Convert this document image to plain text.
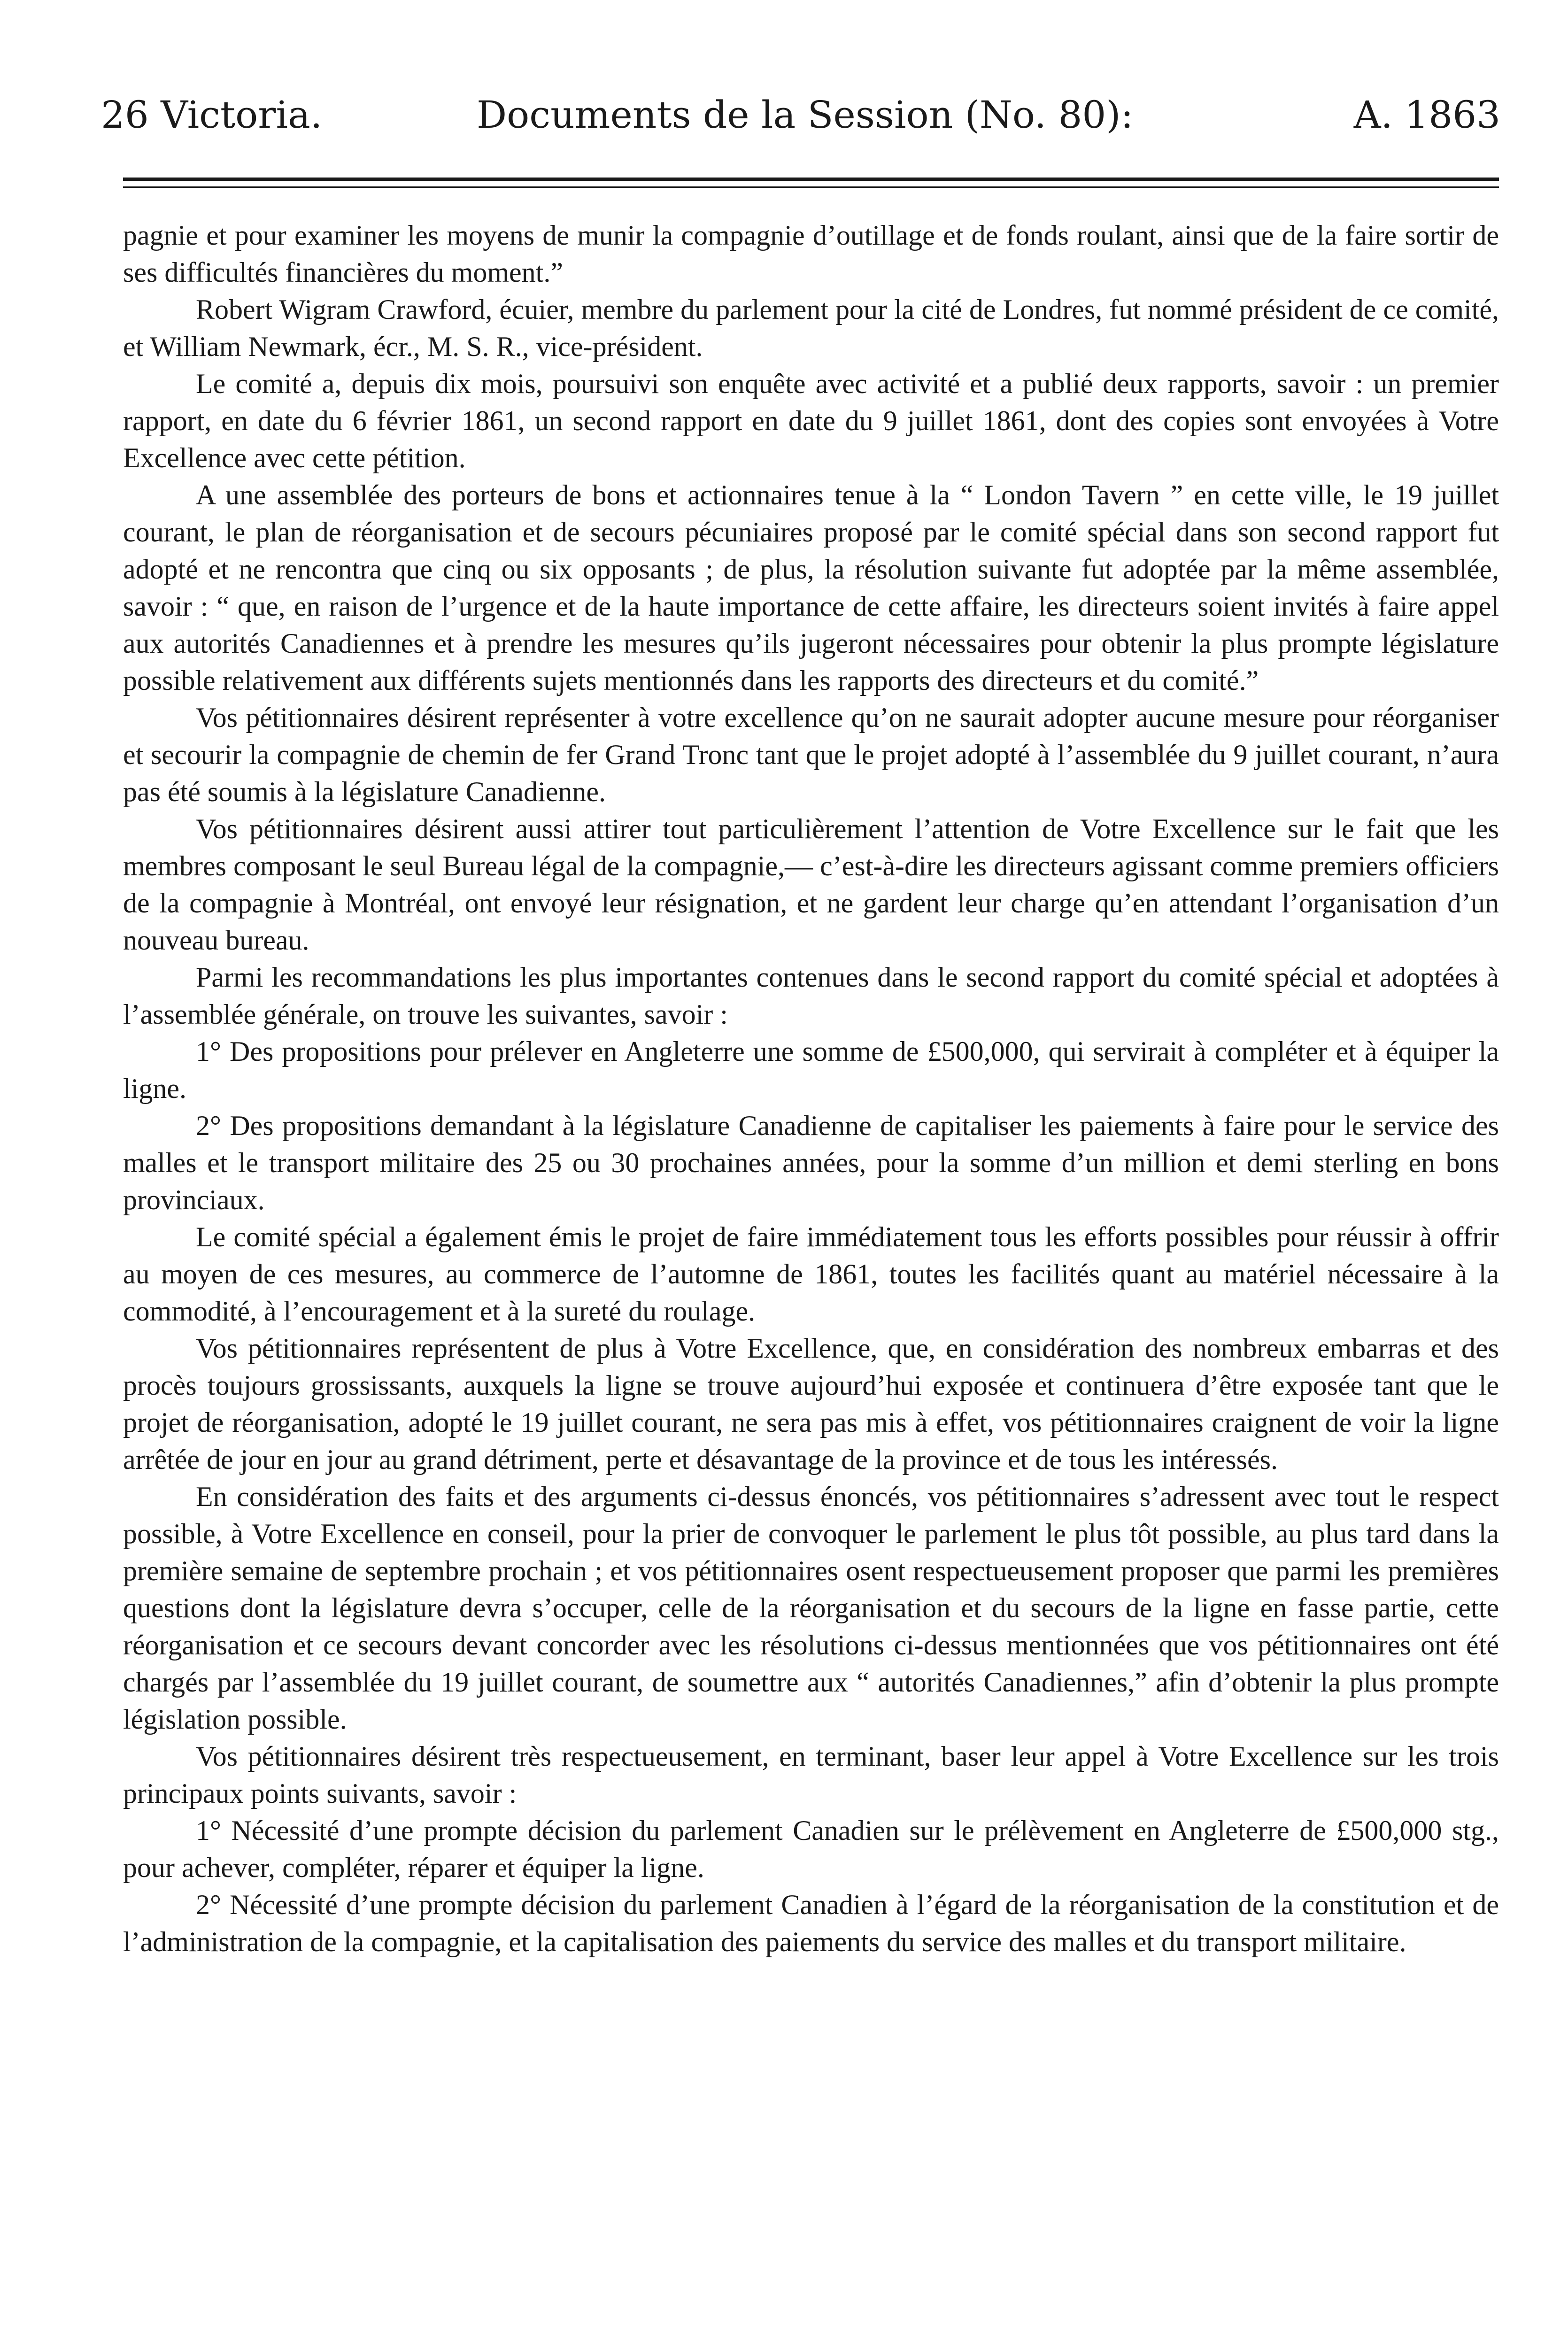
26 Victoria.	Documents de la Session (No. 80):	A. 1863

pagnie et pour examiner les moyens de munir la compagnie d’outillage et de fonds roulant, ainsi que de la faire sortir de ses difficultés financières du moment.”

Robert Wigram Crawford, écuier, membre du parlement pour la cité de Londres, fut nommé président de ce comité, et William Newmark, écr., M. S. R., vice-président.

Le comité a, depuis dix mois, poursuivi son enquête avec activité et a publié deux rapports, savoir : un premier rapport, en date du 6 février 1861, un second rapport en date du 9 juillet 1861, dont des copies sont envoyées à Votre Excellence avec cette pétition.

A une assemblée des porteurs de bons et actionnaires tenue à la “ London Tavern ” en cette ville, le 19 juillet courant, le plan de réorganisation et de secours pécuniaires proposé par le comité spécial dans son second rapport fut adopté et ne rencontra que cinq ou six opposants ; de plus, la résolution suivante fut adoptée par la même assemblée, savoir : “ que, en raison de l’urgence et de la haute importance de cette affaire, les directeurs soient invités à faire appel aux autorités Canadiennes et à prendre les mesures qu’ils jugeront nécessaires pour obtenir la plus prompte législature possible relativement aux différents sujets mentionnés dans les rapports des directeurs et du comité.”

Vos pétitionnaires désirent représenter à votre excellence qu’on ne saurait adopter aucune mesure pour réorganiser et secourir la compagnie de chemin de fer Grand Tronc tant que le projet adopté à l’assemblée du 9 juillet courant, n’aura pas été soumis à la législature Canadienne.

Vos pétitionnaires désirent aussi attirer tout particulièrement l’attention de Votre Excellence sur le fait que les membres composant le seul Bureau légal de la compagnie,— c’est-à-dire les directeurs agissant comme premiers officiers de la compagnie à Montréal, ont envoyé leur résignation, et ne gardent leur charge qu’en attendant l’organisation d’un nouveau bureau.

Parmi les recommandations les plus importantes contenues dans le second rapport du comité spécial et adoptées à l’assemblée générale, on trouve les suivantes, savoir :

1° Des propositions pour prélever en Angleterre une somme de £500,000, qui servirait à compléter et à équiper la ligne.

2° Des propositions demandant à la législature Canadienne de capitaliser les paiements à faire pour le service des malles et le transport militaire des 25 ou 30 prochaines années, pour la somme d’un million et demi sterling en bons provinciaux.

Le comité spécial a également émis le projet de faire immédiatement tous les efforts possibles pour réussir à offrir au moyen de ces mesures, au commerce de l’automne de 1861, toutes les facilités quant au matériel nécessaire à la commodité, à l’encouragement et à la sureté du roulage.

Vos pétitionnaires représentent de plus à Votre Excellence, que, en considération des nombreux embarras et des procès toujours grossissants, auxquels la ligne se trouve aujourd’hui exposée et continuera d’être exposée tant que le projet de réorganisation, adopté le 19 juillet courant, ne sera pas mis à effet, vos pétitionnaires craignent de voir la ligne arrêtée de jour en jour au grand détriment, perte et désavantage de la province et de tous les intéressés.

En considération des faits et des arguments ci-dessus énoncés, vos pétitionnaires s’adressent avec tout le respect possible, à Votre Excellence en conseil, pour la prier de convoquer le parlement le plus tôt possible, au plus tard dans la première semaine de septembre prochain ; et vos pétitionnaires osent respectueusement proposer que parmi les premières questions dont la législature devra s’occuper, celle de la réorganisation et du secours de la ligne en fasse partie, cette réorganisation et ce secours devant concorder avec les résolutions ci-dessus mentionnées que vos pétitionnaires ont été chargés par l’assemblée du 19 juillet courant, de soumettre aux “ autorités Canadiennes,” afin d’obtenir la plus prompte législation possible.

Vos pétitionnaires désirent très respectueusement, en terminant, baser leur appel à Votre Excellence sur les trois principaux points suivants, savoir :

1° Nécessité d’une prompte décision du parlement Canadien sur le prélèvement en Angleterre de £500,000 stg., pour achever, compléter, réparer et équiper la ligne.

2° Nécessité d’une prompte décision du parlement Canadien à l’égard de la réorganisation de la constitution et de l’administration de la compagnie, et la capitalisation des paiements du service des malles et du transport militaire.
